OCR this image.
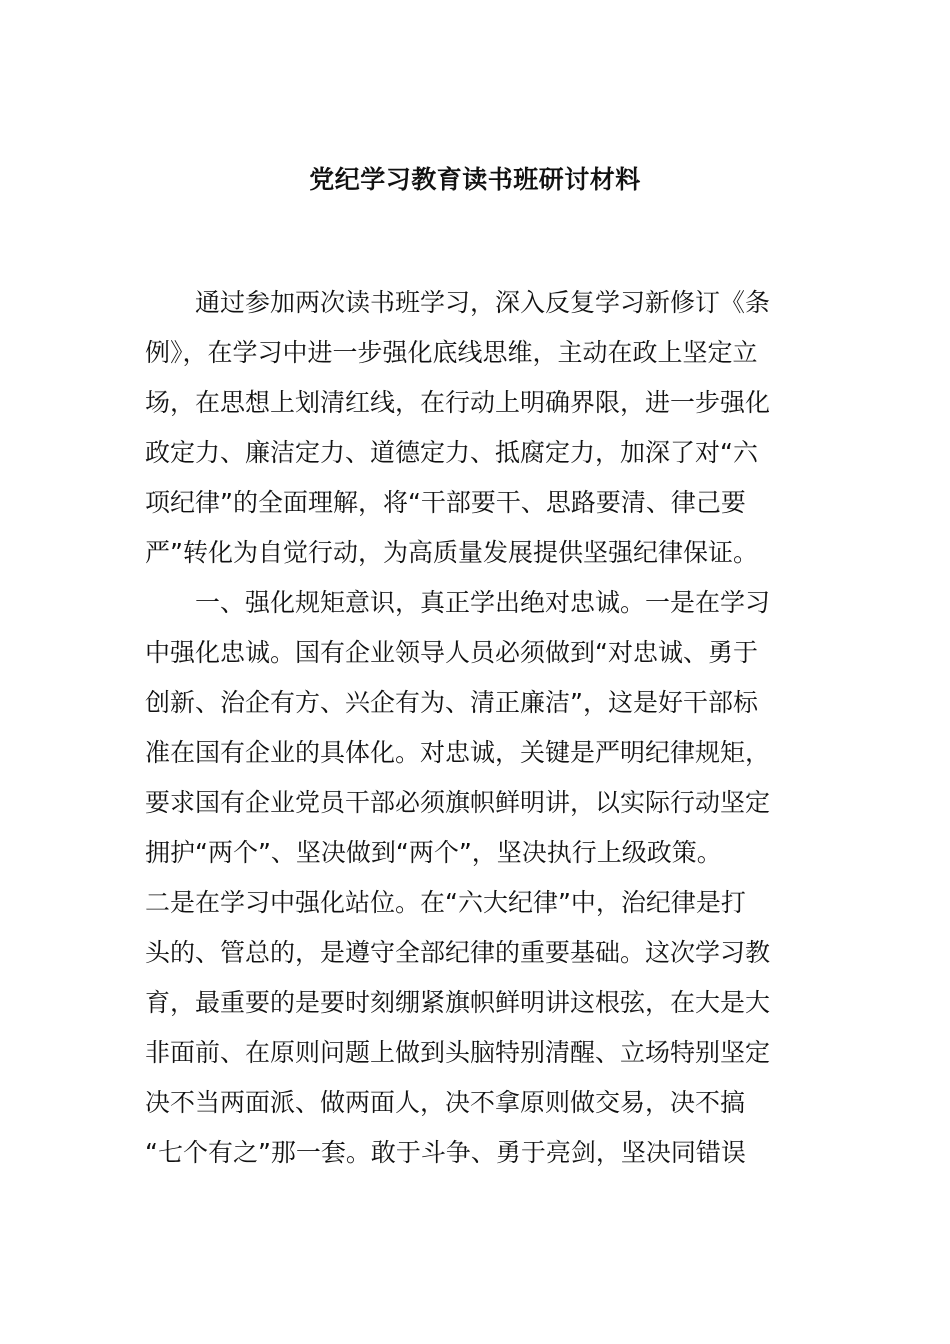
党纪学习教育读书班研讨材料
　　通过参加两次读书班学习，深入反复学习新修订《条
例》，在学习中进一步强化底线思维，主动在政上坚定立
场，在思想上划清红线，在行动上明确界限，进一步强化
政定力、廉洁定力、道德定力、抵腐定力，加深了对“六
项纪律”的全面理解，将“干部要干、思路要清、律己要
严”转化为自觉行动，为高质量发展提供坚强纪律保证。
　　一、强化规矩意识，真正学出绝对忠诚。一是在学习
中强化忠诚。国有企业领导人员必须做到“对忠诚、勇于
创新、治企有方、兴企有为、清正廉洁”，这是好干部标
准在国有企业的具体化。对忠诚，关键是严明纪律规矩，
要求国有企业党员干部必须旗帜鲜明讲，以实际行动坚定
拥护“两个”、坚决做到“两个”，坚决执行上级政策。
二是在学习中强化站位。在“六大纪律”中，治纪律是打
头的、管总的，是遵守全部纪律的重要基础。这次学习教
育，最重要的是要时刻绷紧旗帜鲜明讲这根弦，在大是大
非面前、在原则问题上做到头脑特别清醒、立场特别坚定
决不当两面派、做两面人，决不拿原则做交易，决不搞
“七个有之”那一套。敢于斗争、勇于亮剑，坚决同错误
